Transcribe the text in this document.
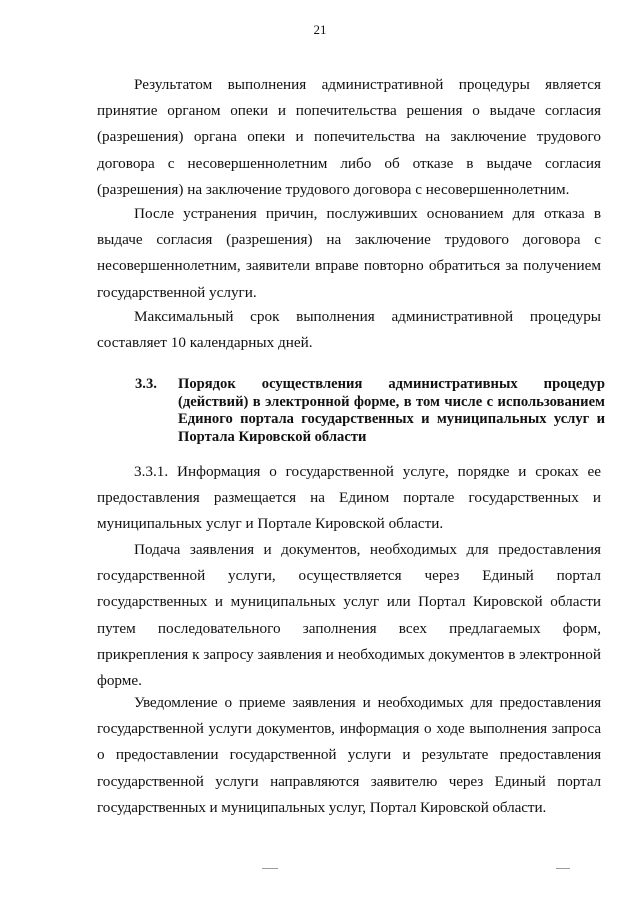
21

Результатом выполнения административной процедуры является принятие органом опеки и попечительства решения о выдаче согласия (разрешения) органа опеки и попечительства на заключение трудового договора с несовершеннолетним либо об отказе в выдаче согласия (разрешения) на заключение трудового договора с несовершеннолетним.

После устранения причин, послуживших основанием для отказа в выдаче согласия (разрешения) на заключение трудового договора с несовершеннолетним, заявители вправе повторно обратиться за получением государственной услуги.

Максимальный срок выполнения административной процедуры составляет 10 календарных дней.

3.3.	Порядок осуществления административных процедур (действий) в электронной форме, в том числе с использованием Единого портала государственных и муниципальных услуг и Портала Кировской области

3.3.1. Информация о государственной услуге, порядке и сроках ее предоставления размещается на Едином портале государственных и муниципальных услуг и Портале Кировской области.

Подача заявления и документов, необходимых для предоставления государственной услуги, осуществляется через Единый портал государственных и муниципальных услуг или Портал Кировской области путем последовательного заполнения всех предлагаемых форм, прикрепления к запросу заявления и необходимых документов в электронной форме.

Уведомление о приеме заявления и необходимых для предоставления государственной услуги документов, информация о ходе выполнения запроса о предоставлении государственной услуги и результате предоставления государственной услуги направляются заявителю через Единый портал государственных и муниципальных услуг, Портал Кировской области.
